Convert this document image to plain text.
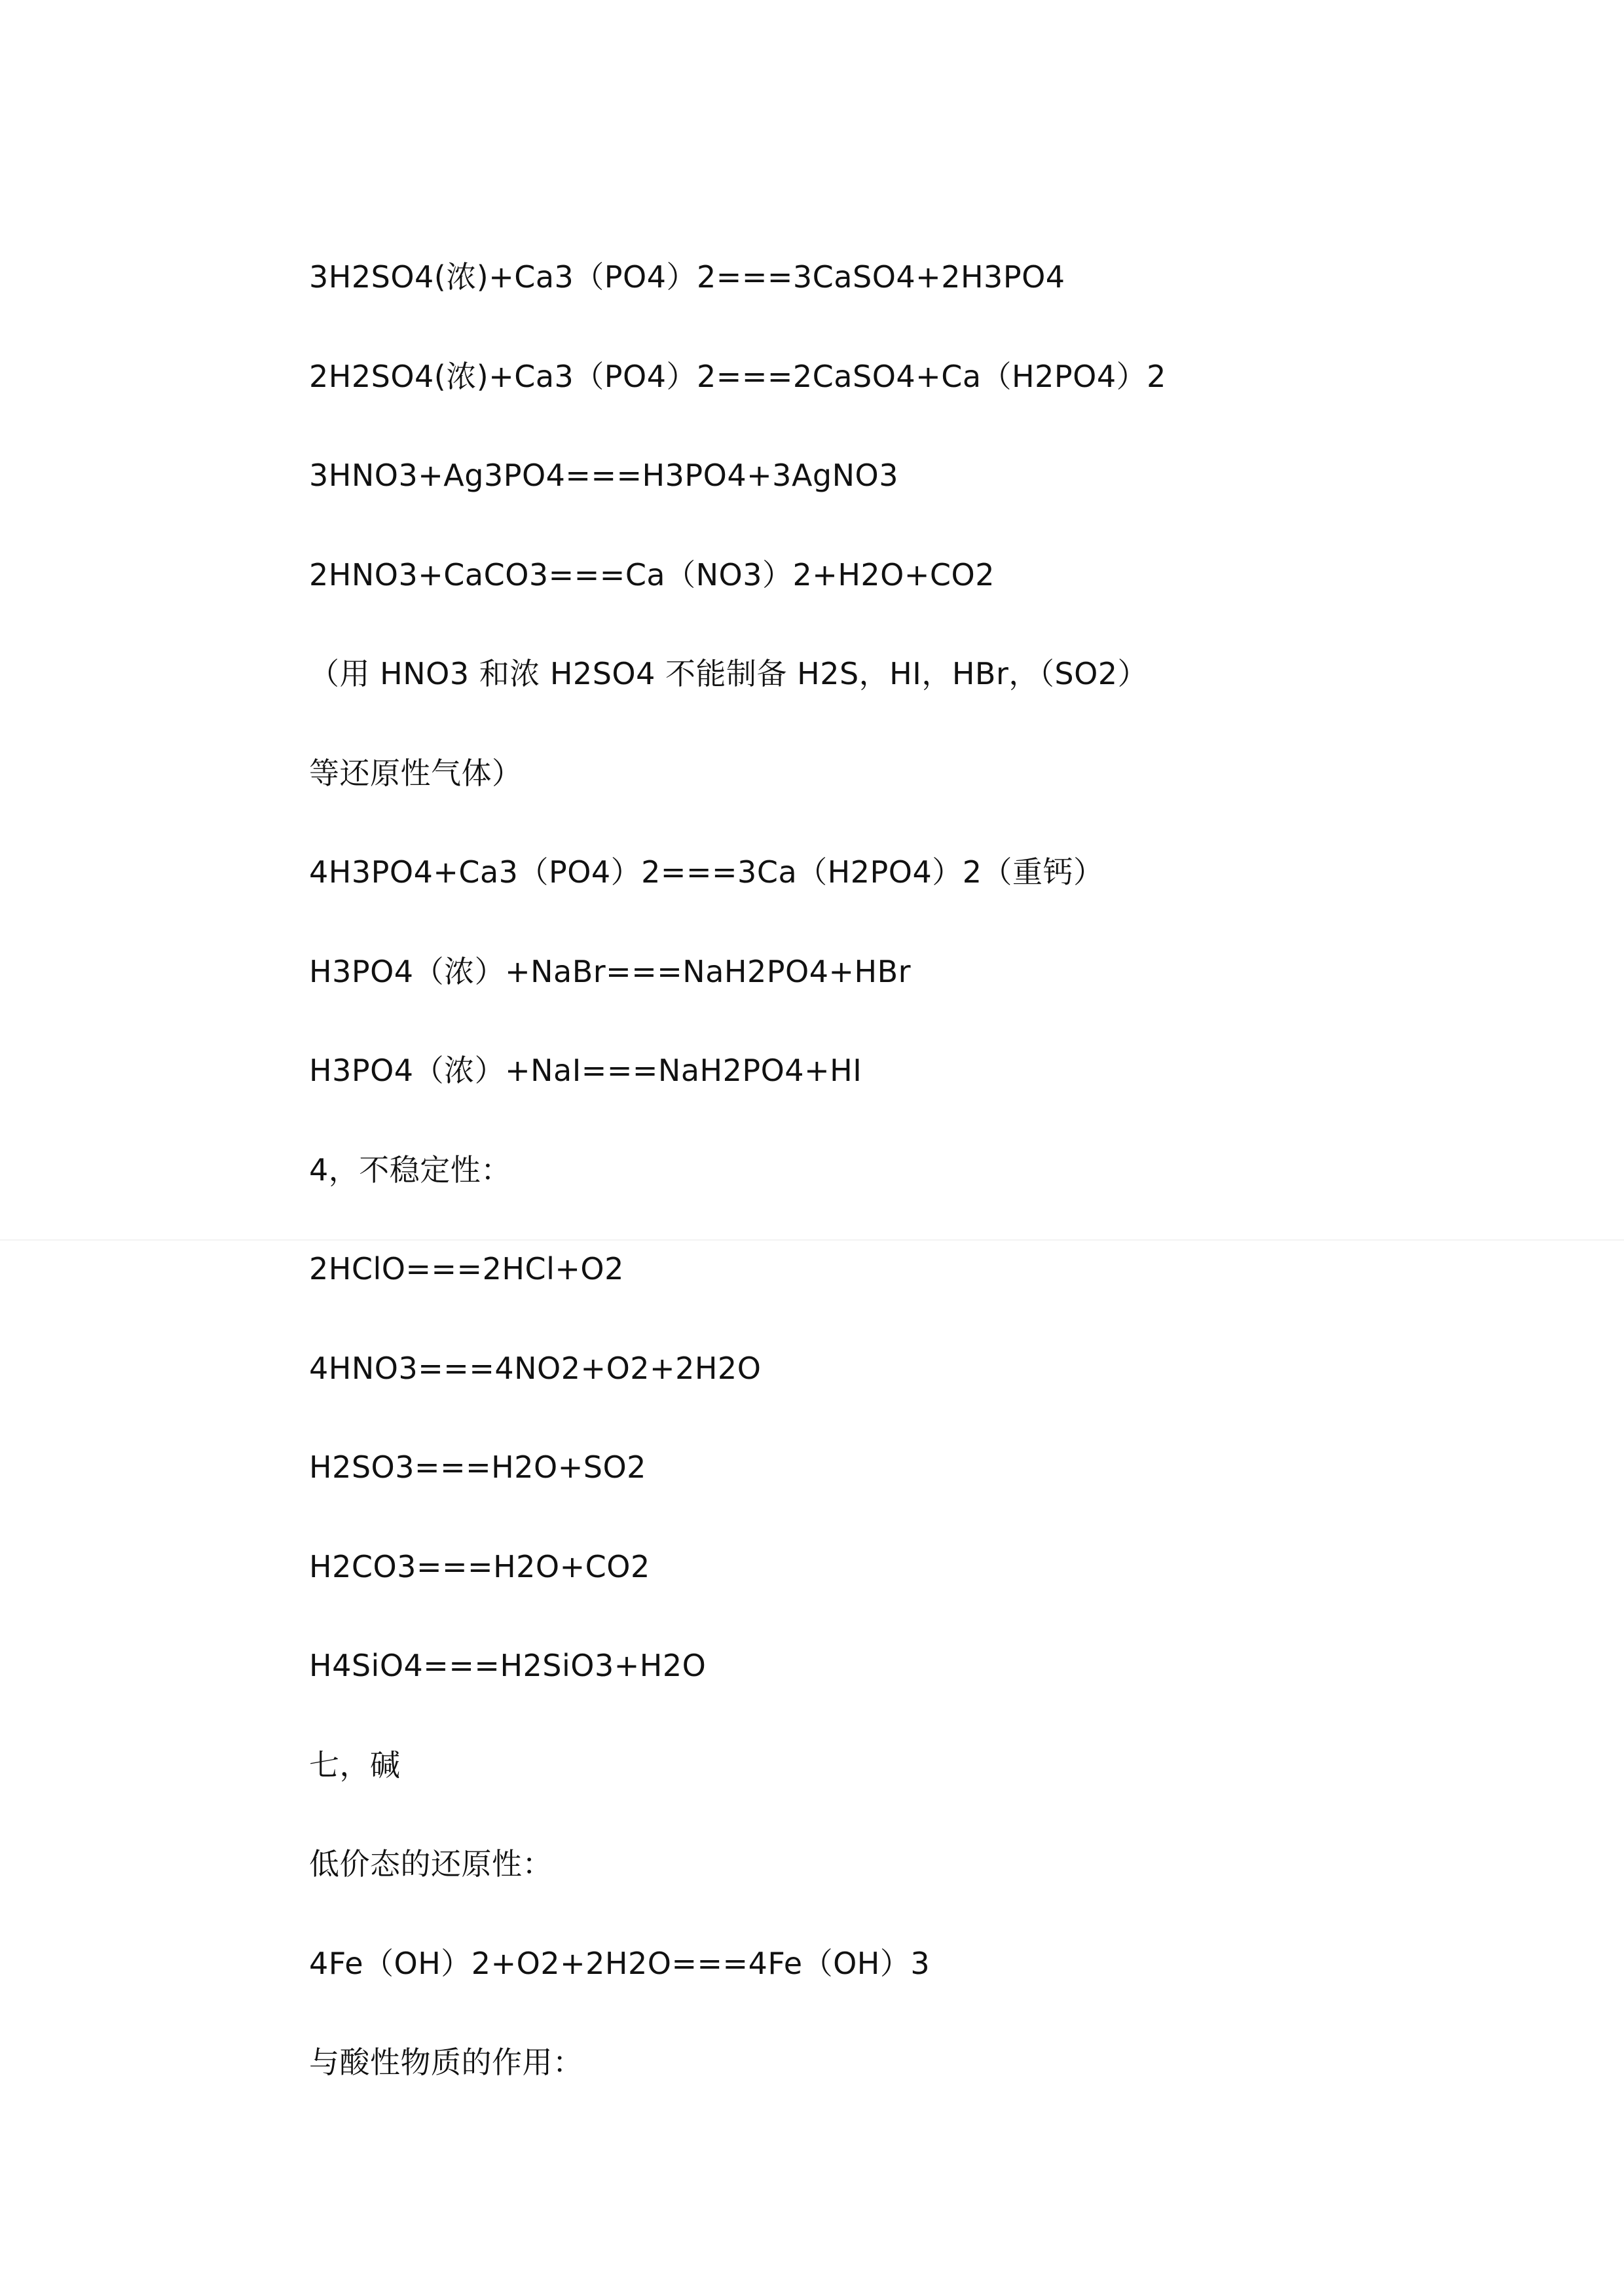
3H2SO4(浓)+Ca3（PO4）2===3CaSO4+2H3PO4
2H2SO4(浓)+Ca3（PO4）2===2CaSO4+Ca（H2PO4）2
3HNO3+Ag3PO4===H3PO4+3AgNO3
2HNO3+CaCO3===Ca（NO3）2+H2O+CO2
（用 HNO3 和浓 H2SO4 不能制备 H2S，HI，HBr，（SO2）
等还原性气体）
4H3PO4+Ca3（PO4）2===3Ca（H2PO4）2（重钙）
H3PO4（浓）+NaBr===NaH2PO4+HBr
H3PO4（浓）+NaI===NaH2PO4+HI
4，不稳定性：
2HClO===2HCl+O2
4HNO3===4NO2+O2+2H2O
H2SO3===H2O+SO2
H2CO3===H2O+CO2
H4SiO4===H2SiO3+H2O
七，碱
低价态的还原性：
4Fe（OH）2+O2+2H2O===4Fe（OH）3
与酸性物质的作用：
